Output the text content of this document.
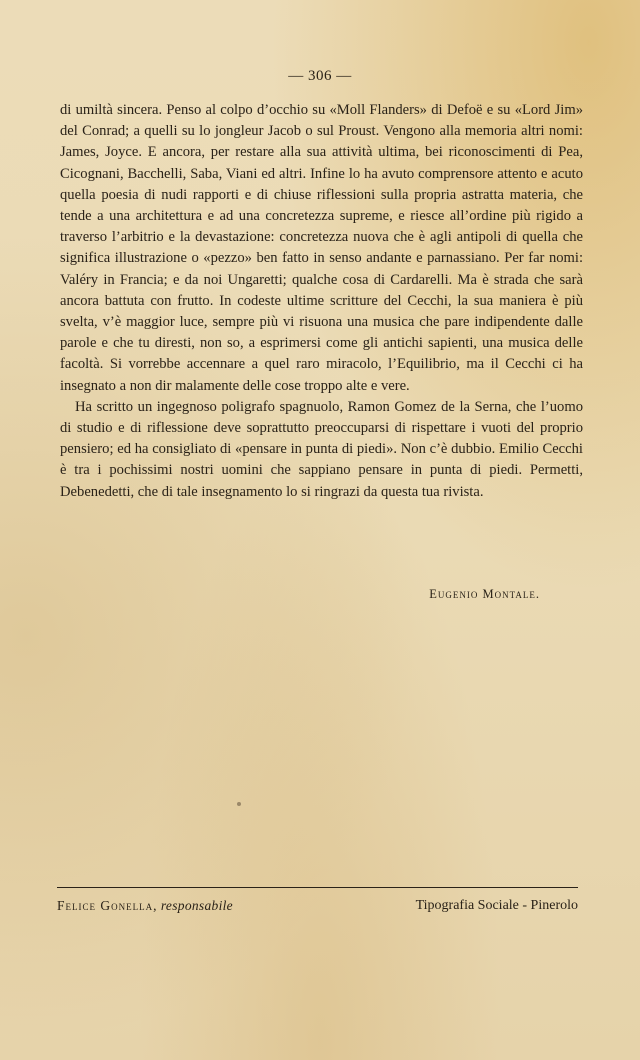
— 306 —

di umiltà sincera. Penso al colpo d’occhio su «Moll Flanders» di Defoë e su «Lord Jim» del Conrad; a quelli su lo jongleur Jacob o sul Proust. Vengono alla memoria altri nomi: James, Joyce. E ancora, per restare alla sua attività ultima, bei riconoscimenti di Pea, Cicognani, Bacchelli, Saba, Viani ed altri. Infine lo ha avuto comprensore attento e acuto quella poesia di nudi rapporti e di chiuse riflessioni sulla propria astratta materia, che tende a una architettura e ad una concretezza supreme, e riesce all’ordine più rigido a traverso l’arbitrio e la devastazione: concretezza nuova che è agli antipoli di quella che significa illustrazione o «pezzo» ben fatto in senso andante e parnassiano. Per far nomi: Valéry in Francia; e da noi Ungaretti; qualche cosa di Cardarelli. Ma è strada che sarà ancora battuta con frutto. In codeste ultime scritture del Cecchi, la sua maniera è più svelta, v’è maggior luce, sempre più vi risuona una musica che pare indipendente dalle parole e che tu diresti, non so, a esprimersi come gli antichi sapienti, una musica delle facoltà. Si vorrebbe accennare a quel raro miracolo, l’Equilibrio, ma il Cecchi ci ha insegnato a non dir malamente delle cose troppo alte e vere.

Ha scritto un ingegnoso poligrafo spagnuolo, Ramon Gomez de la Serna, che l’uomo di studio e di riflessione deve soprattutto preoccuparsi di rispettare i vuoti del proprio pensiero; ed ha consigliato di «pensare in punta di piedi». Non c’è dubbio. Emilio Cecchi è tra i pochissimi nostri uomini che sappiano pensare in punta di piedi. Permetti, Debenedetti, che di tale insegnamento lo si ringrazi da questa tua rivista.

Eugenio Montale.
Felice Gonella, responsabile	Tipografia Sociale - Pinerolo
